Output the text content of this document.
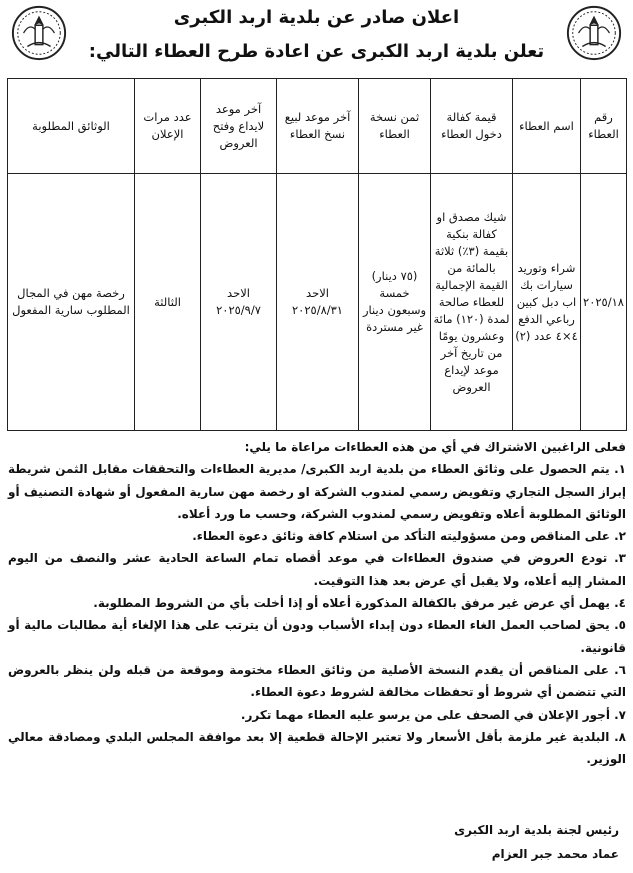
اعلان صادر عن بلدية اربد الكبرى
تعلن بلدية اربد الكبرى عن اعادة طرح العطاء التالي:
رقم العطاء	اسم العطاء	قيمة كفالة دخول العطاء	ثمن نسخة العطاء	آخر موعد لبيع نسخ العطاء	آخر موعد لايداع وفتح العروض	عدد مرات الإعلان	الوثائق المطلوبة
٢٠٢٥/١٨	شراء وتوريد سيارات بك اب دبل كبين رباعي الدفع ٤×٤ عدد (٢)	شيك مصدق او كفالة بنكية بقيمة (٣٪) ثلاثة بالمائة من القيمة الإجمالية للعطاء صالحة لمدة (١٢٠) مائة وعشرون يومًا من تاريخ آخر موعد لإيداع العروض	(٧٥ دينار) خمسة وسبعون دينار غير مستردة	الاحد ٢٠٢٥/٨/٣١	الاحد ٢٠٢٥/٩/٧	الثالثة	رخصة مهن في المجال المطلوب سارية المفعول

فعلى الراغبين الاشتراك في أي من هذه العطاءات مراعاة ما يلي:

١. يتم الحصول على وثائق العطاء من بلدية اربد الكبرى/ مديرية العطاءات والتحققات مقابل الثمن شريطة إبراز السجل التجاري وتفويض رسمي لمندوب الشركة او رخصة مهن سارية المفعول أو شهادة التصنيف أو الوثائق المطلوبة أعلاه وتفويض رسمي لمندوب الشركة، وحسب ما ورد أعلاه.

٢. على المناقص ومن مسؤوليته التأكد من استلام كافة وثائق دعوة العطاء.

٣. تودع العروض في صندوق العطاءات في موعد أقصاه تمام الساعة الحادية عشر والنصف من اليوم المشار إليه أعلاه، ولا يقبل أي عرض بعد هذا التوقيت.

٤. يهمل أي عرض غير مرفق بالكفالة المذكورة أعلاه أو إذا أخلت بأي من الشروط المطلوبة.

٥. يحق لصاحب العمل الغاء العطاء دون إبداء الأسباب ودون أن يترتب على هذا الإلغاء أية مطالبات مالية أو قانونية.

٦. على المناقص أن يقدم النسخة الأصلية من وثائق العطاء مختومة وموقعة من قبله ولن ينظر بالعروض التي تتضمن أي شروط أو تحفظات مخالفة لشروط دعوة العطاء.

٧. أجور الإعلان في الصحف على من يرسو عليه العطاء مهما تكرر.

٨. البلدية غير ملزمة بأقل الأسعار ولا تعتبر الإحالة قطعية إلا بعد موافقة المجلس البلدي ومصادقة معالي الوزير.

رئيس لجنة بلدية اربد الكبرى
عماد محمد جبر العزام
